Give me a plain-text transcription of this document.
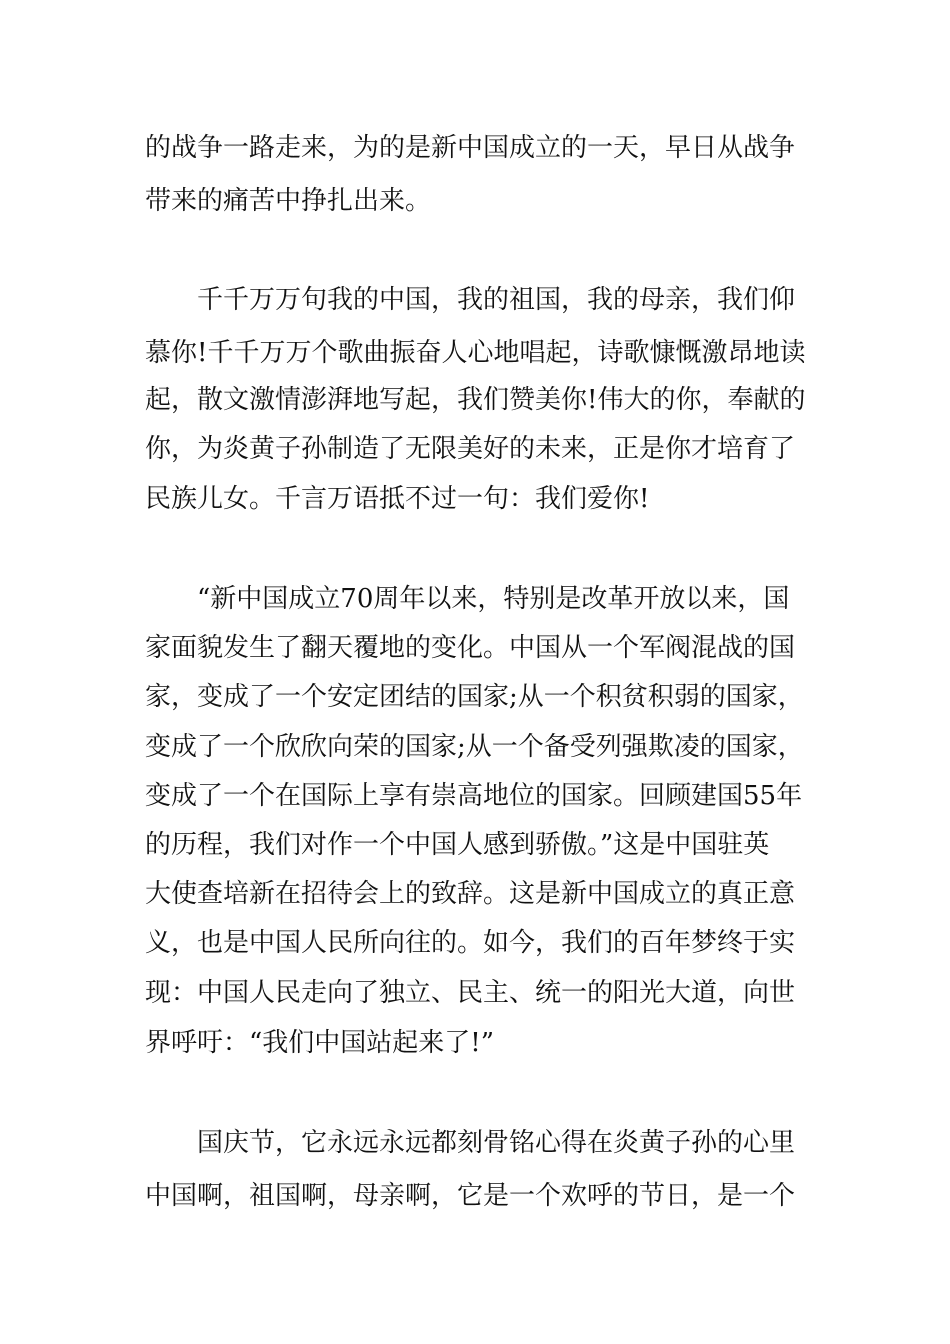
的战争一路走来，为的是新中国成立的一天，早日从战争

带来的痛苦中挣扎出来。

千千万万句我的中国，我的祖国，我的母亲，我们仰

慕你!千千万万个歌曲振奋人心地唱起，诗歌慷慨激昂地读

起，散文激情澎湃地写起，我们赞美你!伟大的你，奉献的

你，为炎黄子孙制造了无限美好的未来，正是你才培育了

民族儿女。千言万语抵不过一句：我们爱你!

“新中国成立70周年以来，特别是改革开放以来，国

家面貌发生了翻天覆地的变化。中国从一个军阀混战的国

家，变成了一个安定团结的国家;从一个积贫积弱的国家，

变成了一个欣欣向荣的国家;从一个备受列强欺凌的国家，

变成了一个在国际上享有崇高地位的国家。回顾建国55年

的历程，我们对作一个中国人感到骄傲。”这是中国驻英

大使查培新在招待会上的致辞。这是新中国成立的真正意

义，也是中国人民所向往的。如今，我们的百年梦终于实

现：中国人民走向了独立、民主、统一的阳光大道，向世

界呼吁：“我们中国站起来了!”

国庆节，它永远永远都刻骨铭心得在炎黄子孙的心里

中国啊，祖国啊，母亲啊，它是一个欢呼的节日，是一个
